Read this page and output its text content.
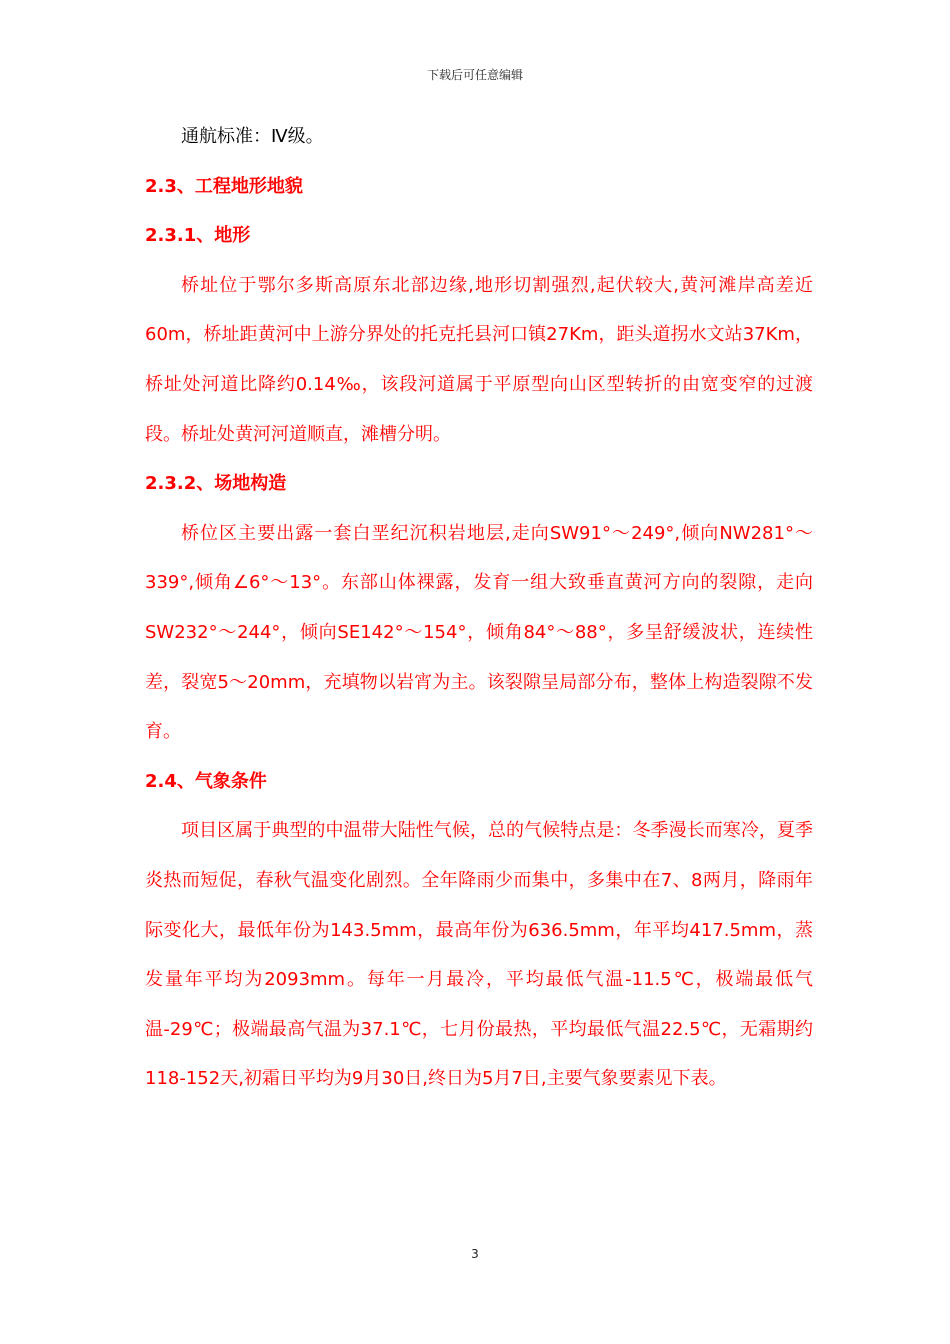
下载后可任意编辑

通航标准：Ⅳ级。

2.3、工程地形地貌

2.3.1、地形

桥址位于鄂尔多斯高原东北部边缘,地形切割强烈,起伏较大,黄河滩岸高差近60m，桥址距黄河中上游分界处的托克托县河口镇27Km，距头道拐水文站37Km，桥址处河道比降约0.14‰，该段河道属于平原型向山区型转折的由宽变窄的过渡段。桥址处黄河河道顺直，滩槽分明。

2.3.2、场地构造

桥位区主要出露一套白垩纪沉积岩地层,走向SW91°～249°,倾向NW281°～339°,倾角∠6°～13°。东部山体裸露，发育一组大致垂直黄河方向的裂隙，走向SW232°～244°，倾向SE142°～154°，倾角84°～88°，多呈舒缓波状，连续性差，裂宽5～20mm，充填物以岩宵为主。该裂隙呈局部分布，整体上构造裂隙不发育。

2.4、气象条件

项目区属于典型的中温带大陆性气候，总的气候特点是：冬季漫长而寒冷，夏季炎热而短促，春秋气温变化剧烈。全年降雨少而集中，多集中在7、8两月，降雨年际变化大，最低年份为143.5mm，最高年份为636.5mm，年平均417.5mm，蒸发量年平均为2093mm。每年一月最冷，平均最低气温-11.5℃，极端最低气温-29℃；极端最高气温为37.1℃，七月份最热，平均最低气温22.5℃，无霜期约118-152天,初霜日平均为9月30日,终日为5月7日,主要气象要素见下表。

3
